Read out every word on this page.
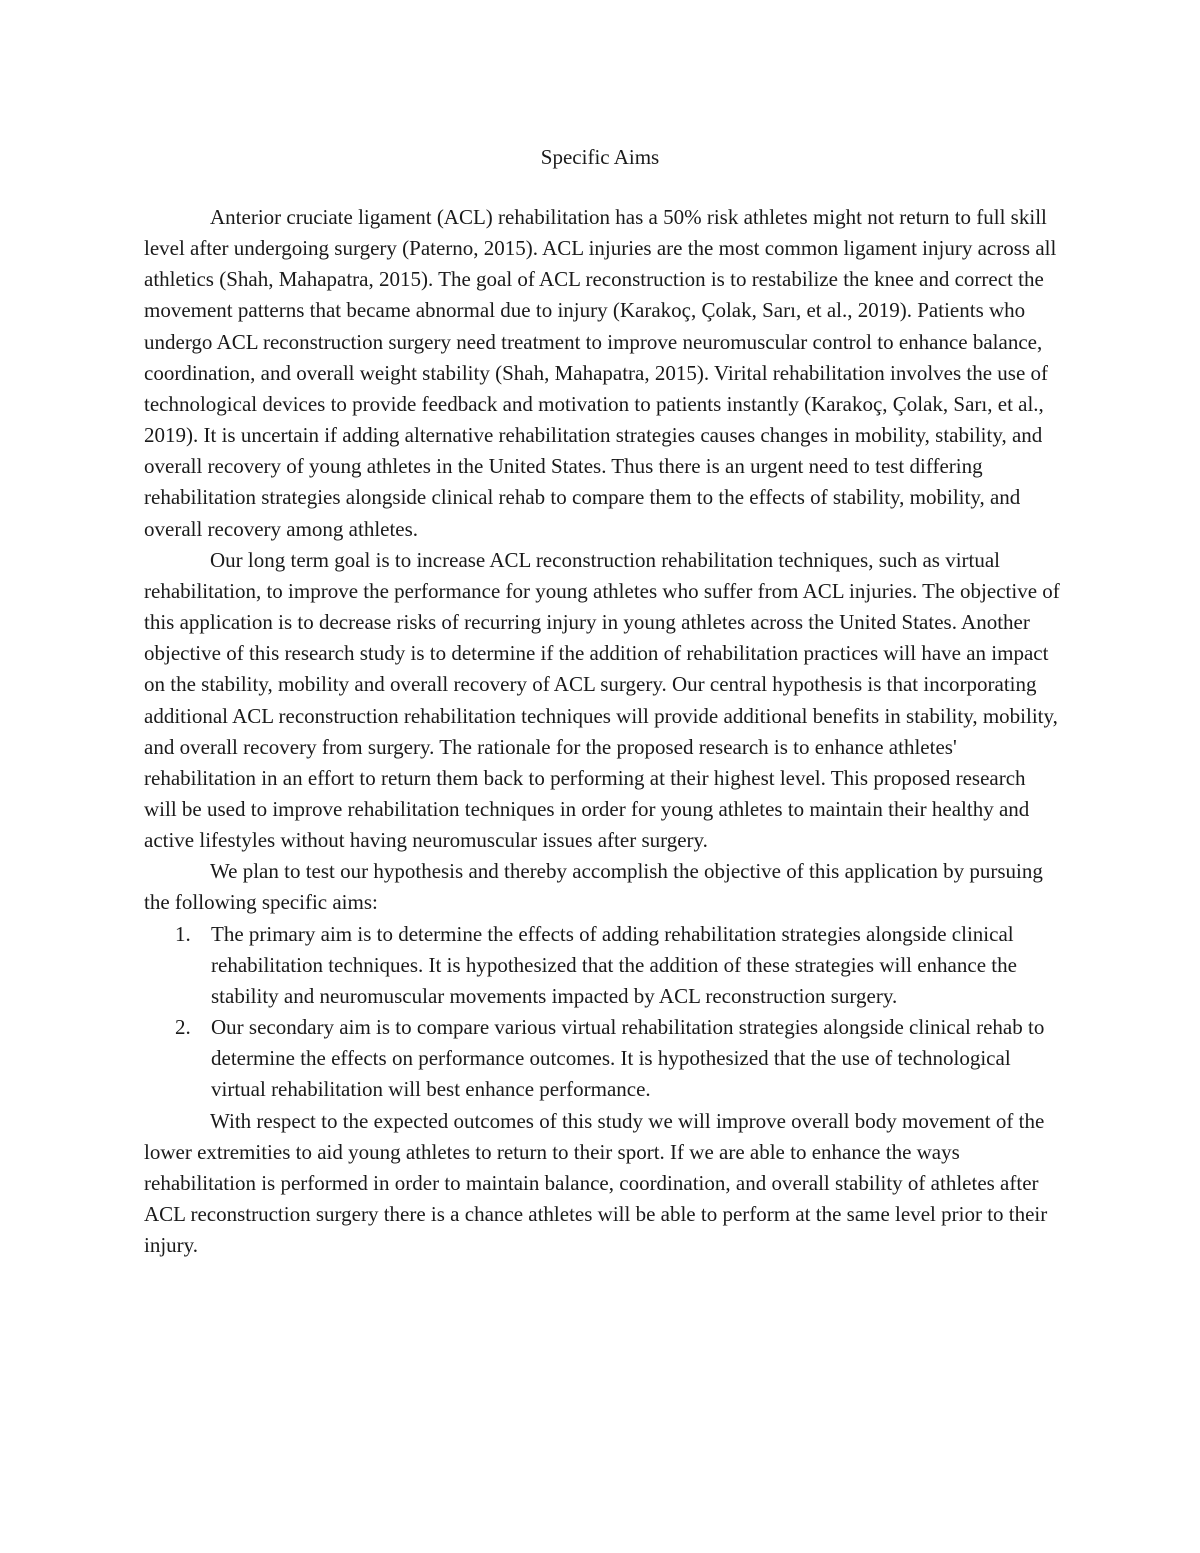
Specific Aims

Anterior cruciate ligament (ACL) rehabilitation has a 50% risk athletes might not return to full skill level after undergoing surgery (Paterno, 2015). ACL injuries are the most common ligament injury across all athletics (Shah, Mahapatra, 2015). The goal of ACL reconstruction is to restabilize the knee and correct the movement patterns that became abnormal due to injury (Karakoç, Çolak, Sarı, et al., 2019). Patients who undergo ACL reconstruction surgery need treatment to improve neuromuscular control to enhance balance, coordination, and overall weight stability (Shah, Mahapatra, 2015). Virital rehabilitation involves the use of technological devices to provide feedback and motivation to patients instantly (Karakoç, Çolak, Sarı, et al., 2019). It is uncertain if adding alternative rehabilitation strategies causes changes in mobility, stability, and overall recovery of young athletes in the United States. Thus there is an urgent need to test differing rehabilitation strategies alongside clinical rehab to compare them to the effects of stability, mobility, and overall recovery among athletes.

Our long term goal is to increase ACL reconstruction rehabilitation techniques, such as virtual rehabilitation, to improve the performance for young athletes who suffer from ACL injuries. The objective of this application is to decrease risks of recurring injury in young athletes across the United States. Another objective of this research study is to determine if the addition of rehabilitation practices will have an impact on the stability, mobility and overall recovery of ACL surgery. Our central hypothesis is that incorporating additional ACL reconstruction rehabilitation techniques will provide additional benefits in stability, mobility, and overall recovery from surgery. The rationale for the proposed research is to enhance athletes' rehabilitation in an effort to return them back to performing at their highest level. This proposed research will be used to improve rehabilitation techniques in order for young athletes to maintain their healthy and active lifestyles without having neuromuscular issues after surgery.

We plan to test our hypothesis and thereby accomplish the objective of this application by pursuing the following specific aims:

1. The primary aim is to determine the effects of adding rehabilitation strategies alongside clinical rehabilitation techniques. It is hypothesized that the addition of these strategies will enhance the stability and neuromuscular movements impacted by ACL reconstruction surgery.
2. Our secondary aim is to compare various virtual rehabilitation strategies alongside clinical rehab to determine the effects on performance outcomes. It is hypothesized that the use of technological virtual rehabilitation will best enhance performance.

With respect to the expected outcomes of this study we will improve overall body movement of the lower extremities to aid young athletes to return to their sport. If we are able to enhance the ways rehabilitation is performed in order to maintain balance, coordination, and overall stability of athletes after ACL reconstruction surgery there is a chance athletes will be able to perform at the same level prior to their injury.
